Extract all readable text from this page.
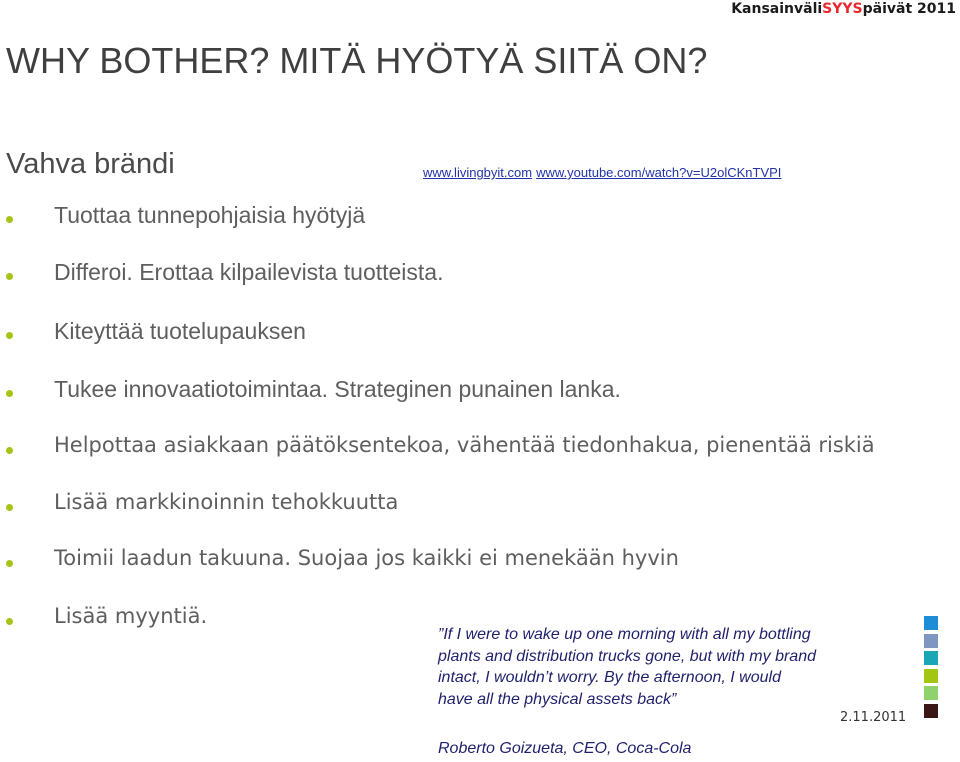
KansainväliSYYSpäivät 2011
WHY BOTHER? MITÄ HYÖTYÄ SIITÄ ON?
Vahva brändi	www.livingbyit.com www.youtube.com/watch?v=U2olCKnTVPI
Tuottaa tunnepohjaisia hyötyjä
Differoi. Erottaa kilpailevista tuotteista.
Kiteyttää tuotelupauksen
Tukee innovaatiotoimintaa. Strateginen punainen lanka.
Helpottaa asiakkaan päätöksentekoa, vähentää tiedonhakua, pienentää riskiä
Lisää markkinoinnin tehokkuutta
Toimii laadun takuuna. Suojaa jos kaikki ei menekään hyvin
Lisää myyntiä.

”If I were to wake up one morning with all my bottling plants and distribution trucks gone, but with my brand intact, I wouldn’t worry. By the afternoon, I would have all the physical assets back”

Roberto Goizueta, CEO, Coca-Cola

2.11.2011
